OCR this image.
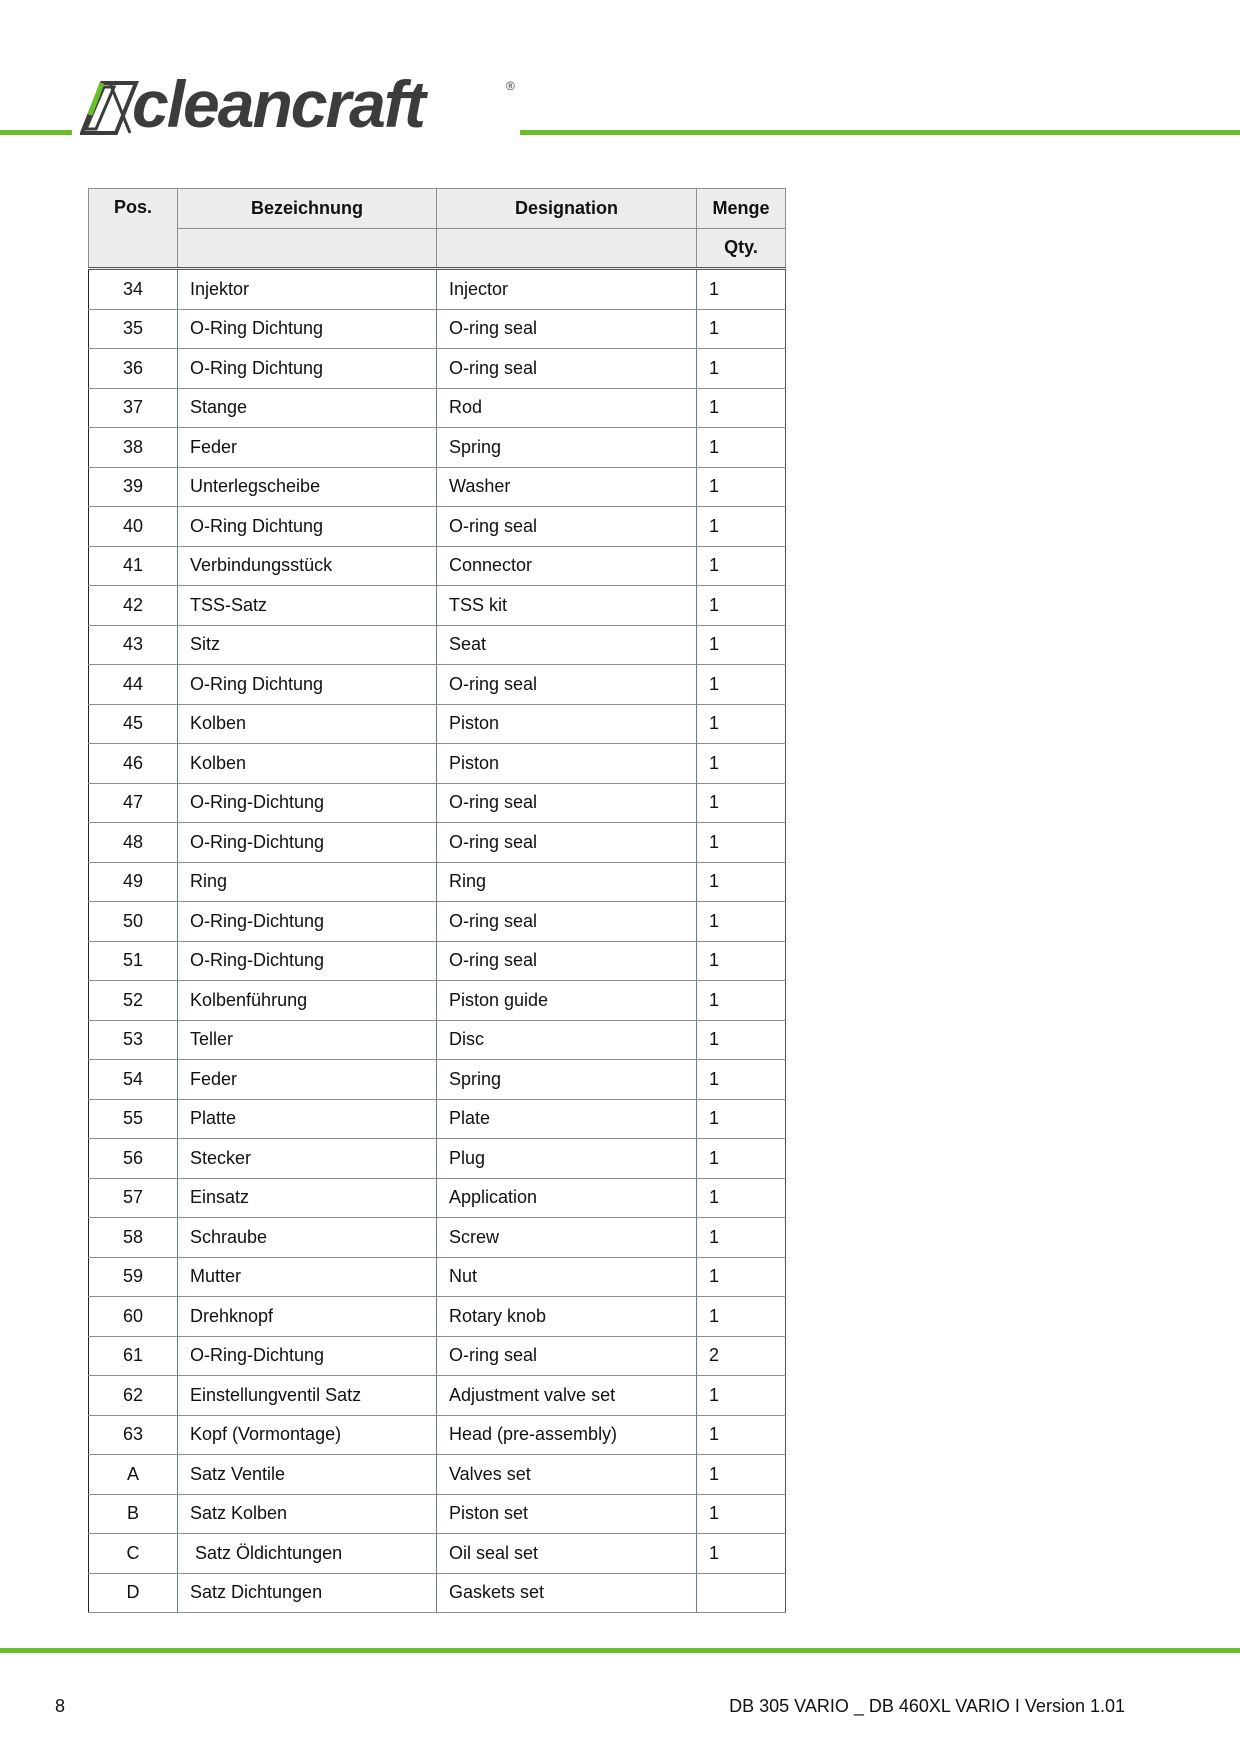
cleancraft	®
Pos.	Bezeichnung	Designation	Menge
			Qty.
34	Injektor	Injector	1
35	O-Ring Dichtung	O-ring seal	1
36	O-Ring Dichtung	O-ring seal	1
37	Stange	Rod	1
38	Feder	Spring	1
39	Unterlegscheibe	Washer	1
40	O-Ring Dichtung	O-ring seal	1
41	Verbindungsstück	Connector	1
42	TSS-Satz	TSS kit	1
43	Sitz	Seat	1
44	O-Ring Dichtung	O-ring seal	1
45	Kolben	Piston	1
46	Kolben	Piston	1
47	O-Ring-Dichtung	O-ring seal	1
48	O-Ring-Dichtung	O-ring seal	1
49	Ring	Ring	1
50	O-Ring-Dichtung	O-ring seal	1
51	O-Ring-Dichtung	O-ring seal	1
52	Kolbenführung	Piston guide	1
53	Teller	Disc	1
54	Feder	Spring	1
55	Platte	Plate	1
56	Stecker	Plug	1
57	Einsatz	Application	1
58	Schraube	Screw	1
59	Mutter	Nut	1
60	Drehknopf	Rotary knob	1
61	O-Ring-Dichtung	O-ring seal	2
62	Einstellungventil Satz	Adjustment valve set	1
63	Kopf (Vormontage)	Head (pre-assembly)	1
A	Satz Ventile	Valves set	1
B	Satz Kolben	Piston set	1
C	Satz Öldichtungen	Oil seal set	1
D	Satz Dichtungen	Gaskets set	
8	DB 305 VARIO _ DB 460XL VARIO I Version 1.01
